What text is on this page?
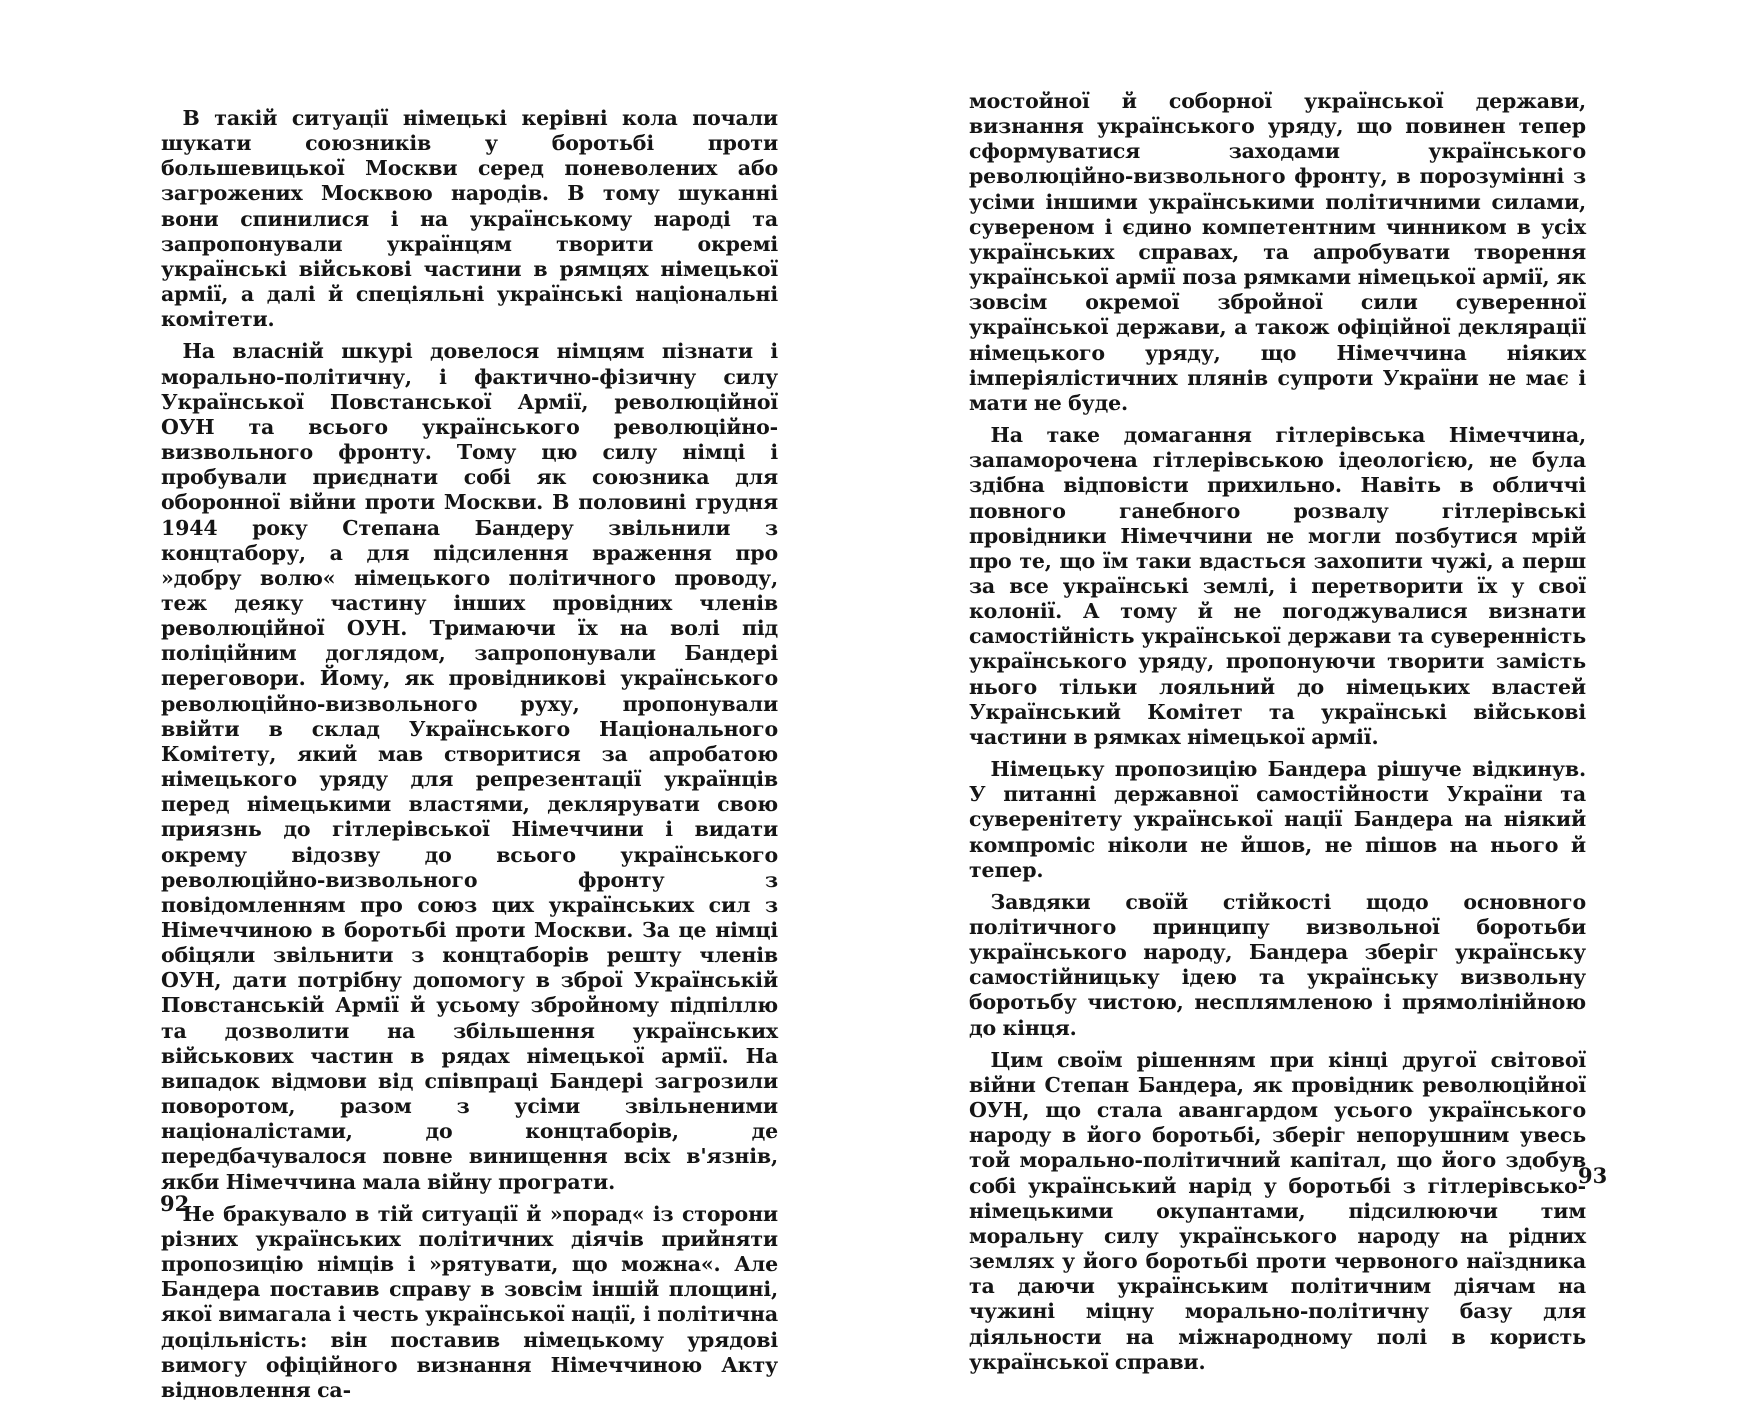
В такій ситуації німецькі керівні кола почали шукати союзників у боротьбі проти большевицької Москви серед поневолених або загрожених Москвою народів. В тому шуканні вони спинилися і на українському народі та запропонували українцям творити окремі українські військові частини в рямцях німецької армії, а далі й спеціяльні українські національні комітети.

На власній шкурі довелося німцям пізнати і морально-політичну, і фактично-фізичну силу Української Повстанської Армії, революційної ОУН та всього українського революційно-визвольного фронту. Тому цю силу німці і пробували приєднати собі як союзника для оборонної війни проти Москви. В половині грудня 1944 року Степана Бандеру звільнили з концтабору, а для підсилення враження про »добру волю« німецького політичного проводу, теж деяку частину інших провідних членів революційної ОУН. Тримаючи їх на волі під поліційним доглядом, запропонували Бандері переговори. Йому, як провідникові українського революційно-визвольного руху, пропонували ввійти в склад Українського Національного Комітету, який мав створитися за апробатою німецького уряду для репрезентації українців перед німецькими властями, деклярувати свою приязнь до гітлерівської Німеччини і видати окрему відозву до всього українського революційно-визвольного фронту з повідомленням про союз цих українських сил з Німеччиною в боротьбі проти Москви. За це німці обіцяли звільнити з концтаборів решту членів ОУН, дати потрібну допомогу в зброї Українській Повстанській Армії й усьому збройному підпіллю та дозволити на збільшення українських військових частин в рядах німецької армії. На випадок відмови від співпраці Бандері загрозили поворотом, разом з усіми звільненими націоналістами, до концтаборів, де передбачувалося повне винищення всіх в'язнів, якби Німеччина мала війну програти.

Не бракувало в тій ситуації й »порад« із сторони різних українських політичних діячів прийняти пропозицію німців і »рятувати, що можна«. Але Бандера поставив справу в зовсім іншій площині, якої вимагала і честь української нації, і політична доцільність: він поставив німецькому урядові вимогу офіційного визнання Німеччиною Акту відновлення са-

92

мостойної й соборної української держави, визнання українського уряду, що повинен тепер сформуватися заходами українського революційно-визвольного фронту, в порозумінні з усіми іншими українськими політичними силами, сувереном і єдино компетентним чинником в усіх українських справах, та апробувати творення української армії поза рямками німецької армії, як зовсім окремої збройної сили суверенної української держави, а також офіційної деклярації німецького уряду, що Німеччина ніяких імперіялістичних плянів супроти України не має і мати не буде.

На таке домагання гітлерівська Німеччина, запаморочена гітлерівською ідеологією, не була здібна відповісти прихильно. Навіть в обличчі повного ганебного розвалу гітлерівські провідники Німеччини не могли позбутися мрій про те, що їм таки вдасться захопити чужі, а перш за все українські землі, і перетворити їх у свої колонії. А тому й не погоджувалися визнати самостійність української держави та суверенність українського уряду, пропонуючи творити замість нього тільки лояльний до німецьких властей Український Комітет та українські військові частини в рямках німецької армії.

Німецьку пропозицію Бандера рішуче відкинув. У питанні державної самостійности України та суверенітету української нації Бандера на ніякий компроміс ніколи не йшов, не пішов на нього й тепер.

Завдяки своїй стійкості щодо основного політичного принципу визвольної боротьби українського народу, Бандера зберіг українську самостійницьку ідею та українську визвольну боротьбу чистою, несплямленою і прямолінійною до кінця.

Цим своїм рішенням при кінці другої світової війни Степан Бандера, як провідник революційної ОУН, що стала авангардом усього українського народу в його боротьбі, зберіг непорушним увесь той морально-політичний капітал, що його здобув собі український нарід у боротьбі з гітлерівсько-німецькими окупантами, підсилюючи тим моральну силу українського народу на рідних землях у його боротьбі проти червоного наїздника та даючи українським політичним діячам на чужині міцну морально-політичну базу для діяльности на міжнародному полі в користь української справи.

93
